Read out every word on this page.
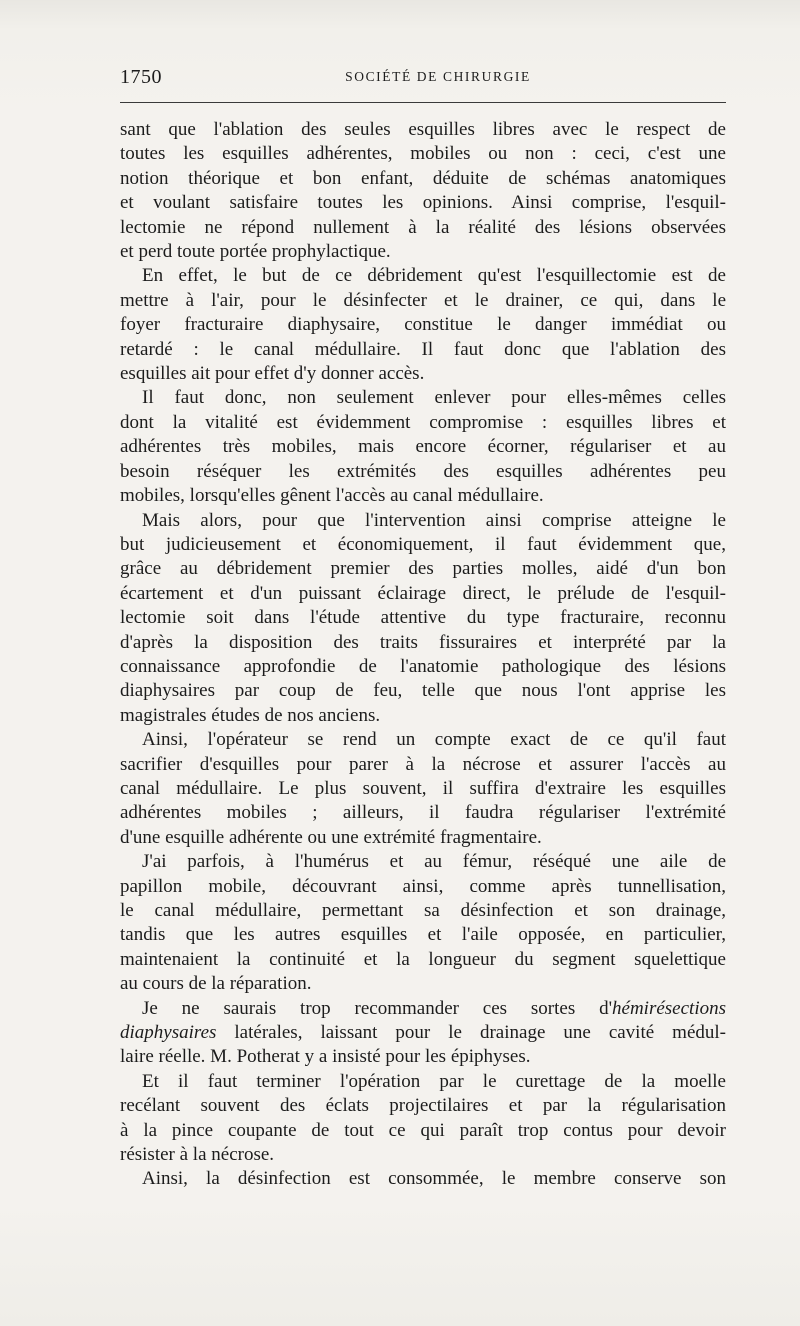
1750	SOCIÉTÉ DE CHIRURGIE
sant que l'ablation des seules esquilles libres avec le respect de
toutes les esquilles adhérentes, mobiles ou non : ceci, c'est une
notion théorique et bon enfant, déduite de schémas anatomiques
et voulant satisfaire toutes les opinions. Ainsi comprise, l'esquil-
lectomie ne répond nullement à la réalité des lésions observées
et perd toute portée prophylactique.
En effet, le but de ce débridement qu'est l'esquillectomie est de
mettre à l'air, pour le désinfecter et le drainer, ce qui, dans le
foyer fracturaire diaphysaire, constitue le danger immédiat ou
retardé : le canal médullaire. Il faut donc que l'ablation des
esquilles ait pour effet d'y donner accès.
Il faut donc, non seulement enlever pour elles-mêmes celles
dont la vitalité est évidemment compromise : esquilles libres et
adhérentes très mobiles, mais encore écorner, régulariser et au
besoin réséquer les extrémités des esquilles adhérentes peu
mobiles, lorsqu'elles gênent l'accès au canal médullaire.
Mais alors, pour que l'intervention ainsi comprise atteigne le
but judicieusement et économiquement, il faut évidemment que,
grâce au débridement premier des parties molles, aidé d'un bon
écartement et d'un puissant éclairage direct, le prélude de l'esquil-
lectomie soit dans l'étude attentive du type fracturaire, reconnu
d'après la disposition des traits fissuraires et interprété par la
connaissance approfondie de l'anatomie pathologique des lésions
diaphysaires par coup de feu, telle que nous l'ont apprise les
magistrales études de nos anciens.
Ainsi, l'opérateur se rend un compte exact de ce qu'il faut
sacrifier d'esquilles pour parer à la nécrose et assurer l'accès au
canal médullaire. Le plus souvent, il suffira d'extraire les esquilles
adhérentes mobiles ; ailleurs, il faudra régulariser l'extrémité
d'une esquille adhérente ou une extrémité fragmentaire.
J'ai parfois, à l'humérus et au fémur, réséqué une aile de
papillon mobile, découvrant ainsi, comme après tunnellisation,
le canal médullaire, permettant sa désinfection et son drainage,
tandis que les autres esquilles et l'aile opposée, en particulier,
maintenaient la continuité et la longueur du segment squelettique
au cours de la réparation.
Je ne saurais trop recommander ces sortes d'hémirésections
diaphysaires latérales, laissant pour le drainage une cavité médul-
laire réelle. M. Potherat y a insisté pour les épiphyses.
Et il faut terminer l'opération par le curettage de la moelle
recélant souvent des éclats projectilaires et par la régularisation
à la pince coupante de tout ce qui paraît trop contus pour devoir
résister à la nécrose.
Ainsi, la désinfection est consommée, le membre conserve son
